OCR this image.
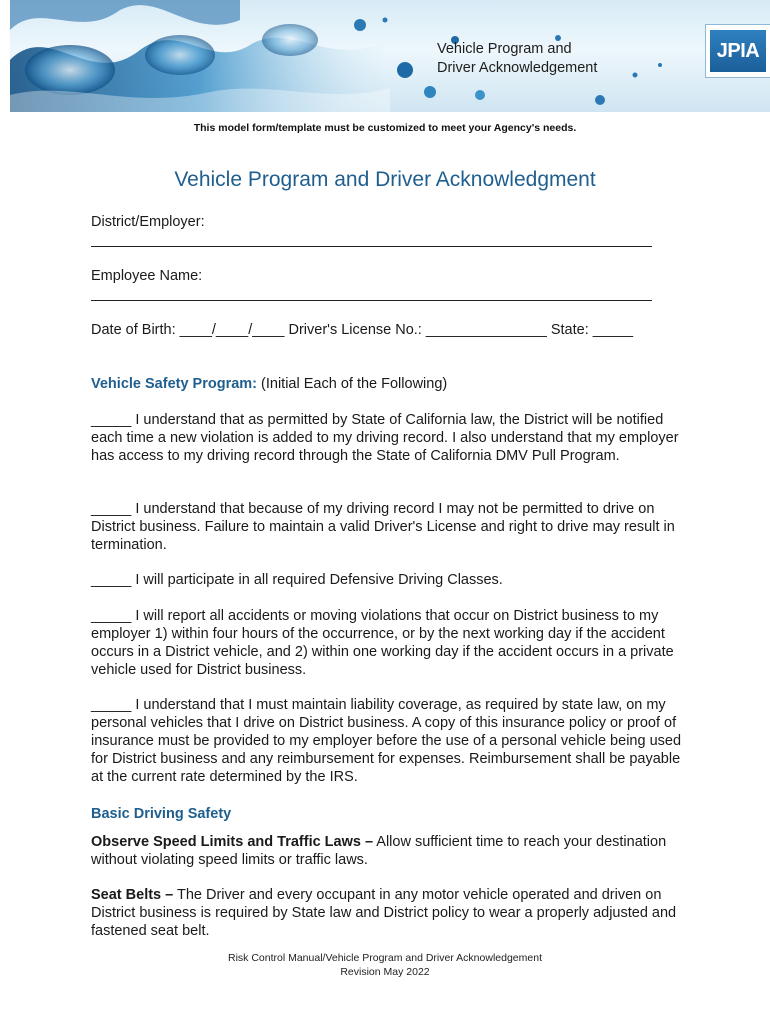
Vehicle Program and
Driver Acknowledgement
JPIA
This model form/template must be customized to meet your Agency's needs.
Vehicle Program and Driver Acknowledgment
District/Employer:
Employee Name:
Date of Birth: ____/____/____ Driver's License No.: _______________ State: _____
Vehicle Safety Program: (Initial Each of the Following)
_____ I understand that as permitted by State of California law, the District will be notified each time a new violation is added to my driving record. I also understand that my employer has access to my driving record through the State of California DMV Pull Program.
_____ I understand that because of my driving record I may not be permitted to drive on District business. Failure to maintain a valid Driver's License and right to drive may result in termination.
_____ I will participate in all required Defensive Driving Classes.
_____ I will report all accidents or moving violations that occur on District business to my employer 1) within four hours of the occurrence, or by the next working day if the accident occurs in a District vehicle, and 2) within one working day if the accident occurs in a private vehicle used for District business.
_____ I understand that I must maintain liability coverage, as required by state law, on my personal vehicles that I drive on District business. A copy of this insurance policy or proof of insurance must be provided to my employer before the use of a personal vehicle being used for District business and any reimbursement for expenses. Reimbursement shall be payable at the current rate determined by the IRS.
Basic Driving Safety
Observe Speed Limits and Traffic Laws – Allow sufficient time to reach your destination without violating speed limits or traffic laws.
Seat Belts – The Driver and every occupant in any motor vehicle operated and driven on District business is required by State law and District policy to wear a properly adjusted and fastened seat belt.
Risk Control Manual/Vehicle Program and Driver Acknowledgement
Revision May 2022
